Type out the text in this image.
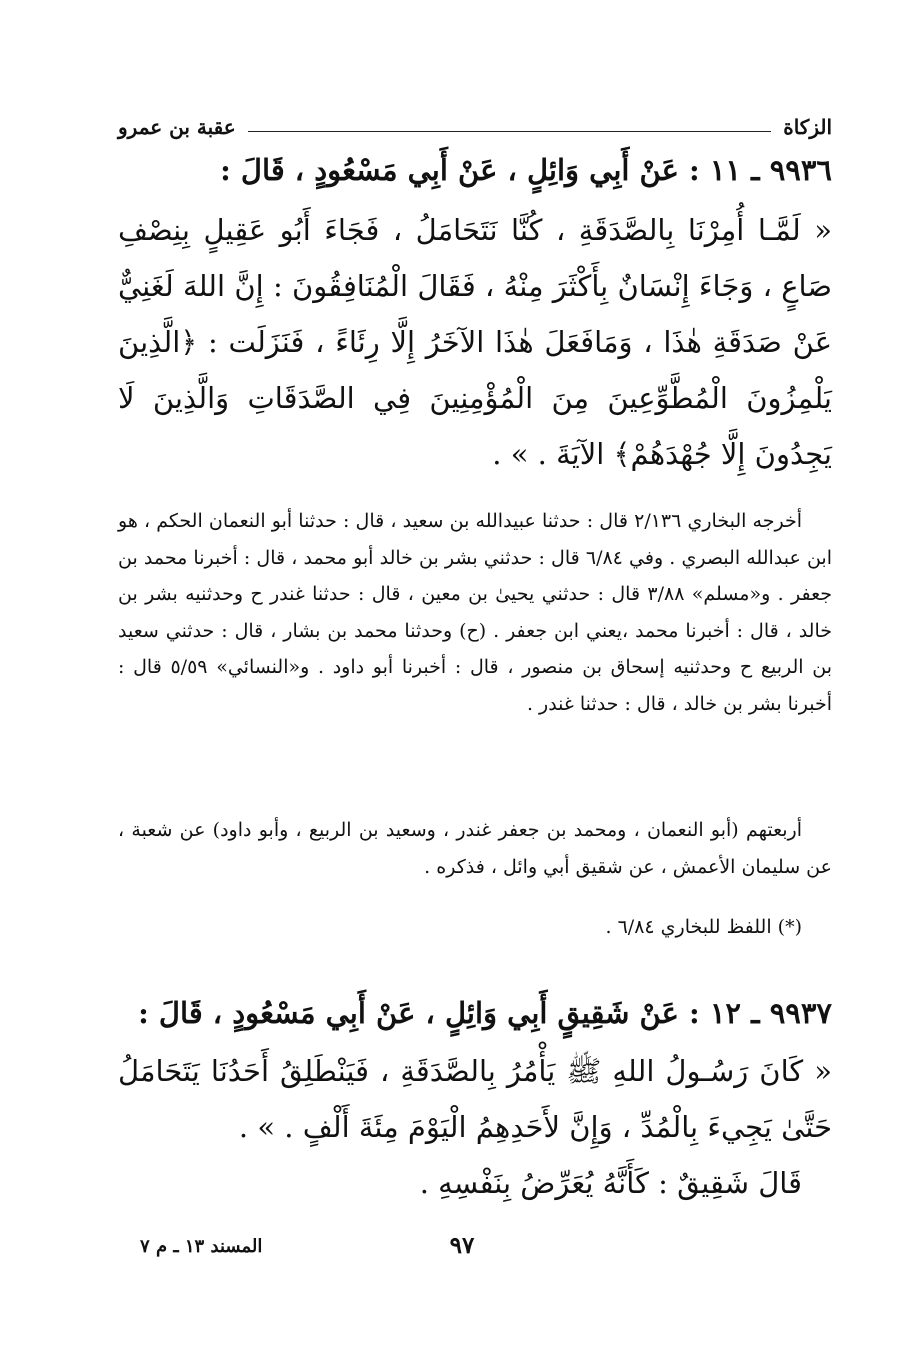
الزكاة
عقبة بن عمرو
٩٩٣٦ ـ ١١ : عَنْ أَبِي وَائِلٍ ، عَنْ أَبِي مَسْعُودٍ ، قَالَ :
« لَمَّـا أُمِرْنَا بِالصَّدَقَةِ ، كُنَّا نَتَحَامَلُ ، فَجَاءَ أَبُو عَقِيلٍ بِنِصْفِ صَاعٍ ، وَجَاءَ إِنْسَانٌ بِأَكْثَرَ مِنْهُ ، فَقَالَ الْمُنَافِقُونَ : إِنَّ اللهَ لَغَنِيٌّ عَنْ صَدَقَةِ هٰذَا ، وَمَافَعَلَ هٰذَا الآخَرُ إِلَّا رِئَاءً ، فَنَزَلَت : ﴿الَّذِينَ يَلْمِزُونَ الْمُطَّوِّعِينَ مِنَ الْمُؤْمِنِينَ فِي الصَّدَقَاتِ وَالَّذِينَ لَا يَجِدُونَ إِلَّا جُهْدَهُمْ﴾ الآيَةَ . » .

أخرجه البخاري ٢/١٣٦ قال : حدثنا عبيدالله بن سعيد ، قال : حدثنا أبو النعمان الحكم ، هو ابن عبدالله البصري . وفي ٦/٨٤ قال : حدثني بشر بن خالد أبو محمد ، قال : أخبرنا محمد بن جعفر . و«مسلم» ٣/٨٨ قال : حدثني يحيىٰ بن معين ، قال : حدثنا غندر ح وحدثنيه بشر بن خالد ، قال : أخبرنا محمد ،يعني ابن جعفر . (ح) وحدثنا محمد بن بشار ، قال : حدثني سعيد بن الربيع ح وحدثنيه إسحاق بن منصور ، قال : أخبرنا أبو داود . و«النسائي» ٥/٥٩ قال : أخبرنا بشر بن خالد ، قال : حدثنا غندر .

أربعتهم (أبو النعمان ، ومحمد بن جعفر غندر ، وسعيد بن الربيع ، وأبو داود) عن شعبة ، عن سليمان الأعمش ، عن شقيق أبي وائل ، فذكره .

(*) اللفظ للبخاري ٦/٨٤ .
٩٩٣٧ ـ ١٢ : عَنْ شَقِيقٍ أَبِي وَائِلٍ ، عَنْ أَبِي مَسْعُودٍ ، قَالَ :
« كَانَ رَسُـولُ اللهِ ﷺ يَأْمُرُ بِالصَّدَقَةِ ، فَيَنْطَلِقُ أَحَدُنَا يَتَحَامَلُ حَتَّىٰ يَجِيءَ بِالْمُدِّ ، وَإِنَّ لأَحَدِهِمُ الْيَوْمَ مِئَةَ أَلْفٍ . » .
قَالَ شَقِيقٌ : كَأَنَّهُ يُعَرِّضُ بِنَفْسِهِ .
٩٧
المسند ١٣ ـ م ٧
